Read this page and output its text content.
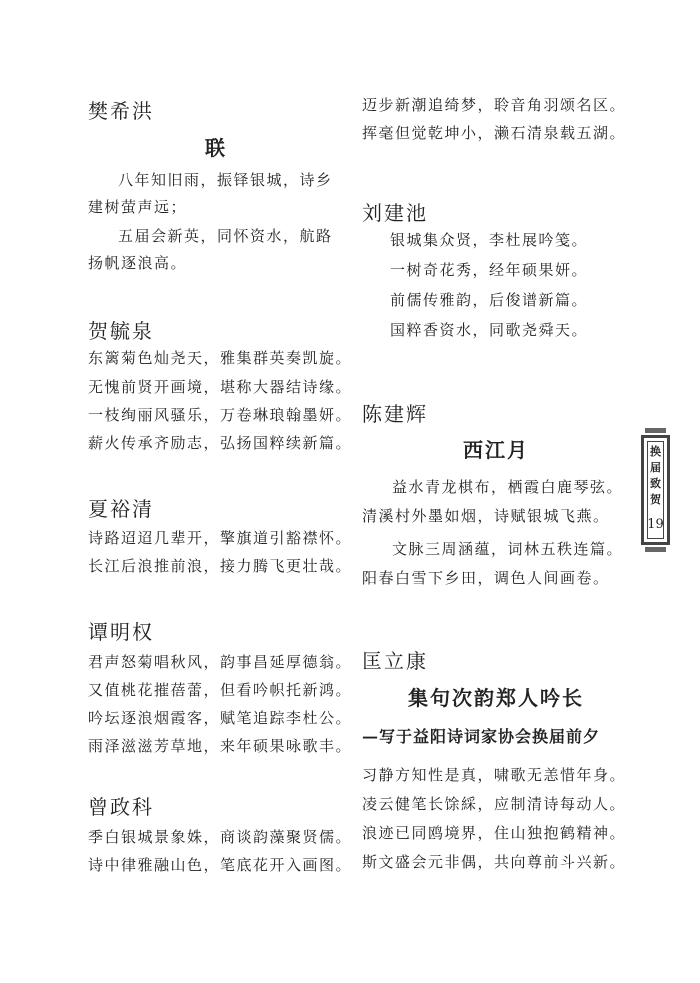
樊希洪
联

八年知旧雨，振铎银城，诗乡

建树萤声远；

五届会新英，同怀资水，航路

扬帆逐浪高。

贺毓泉

东篱菊色灿尧天，雅集群英奏凯旋。

无愧前贤开画境，堪称大器结诗缘。

一枝绚丽风骚乐，万卷琳琅翰墨妍。

薪火传承齐励志，弘扬国粹续新篇。

夏裕清

诗路迢迢几辈开，擎旗道引豁襟怀。

长江后浪推前浪，接力腾飞更壮哉。

谭明权

君声怒菊唱秋风，韵事昌延厚德翁。

又值桃花摧蓓蕾，但看吟帜托新鸿。

吟坛逐浪烟霞客，赋笔追踪李杜公。

雨泽滋滋芳草地，来年硕果咏歌丰。

曾政科

季白银城景象姝，商谈韵藻聚贤儒。

诗中律雅融山色，笔底花开入画图。

迈步新潮追绮梦，聆音角羽颂名区。

挥毫但觉乾坤小，濑石清泉载五湖。

刘建池

银城集众贤，李杜展吟笺。

一树奇花秀，经年硕果妍。

前儒传雅韵，后俊谱新篇。

国粹香资水，同歌尧舜天。

陈建辉
西江月

益水青龙棋布，栖霞白鹿琴弦。

清溪村外墨如烟，诗赋银城飞燕。

文脉三周涵蕴，词林五秩连篇。

阳春白雪下乡田，调色人间画卷。

匡立康
集句次韵郑人吟长
—写于益阳诗词家协会换届前夕

习静方知性是真，啸歌无恙惜年身。

凌云健笔长馀綵，应制清诗每动人。

浪迹已同鸥境界，住山独抱鹤精神。

斯文盛会元非偶，共向尊前斗兴新。

换
届
致
贺
19
